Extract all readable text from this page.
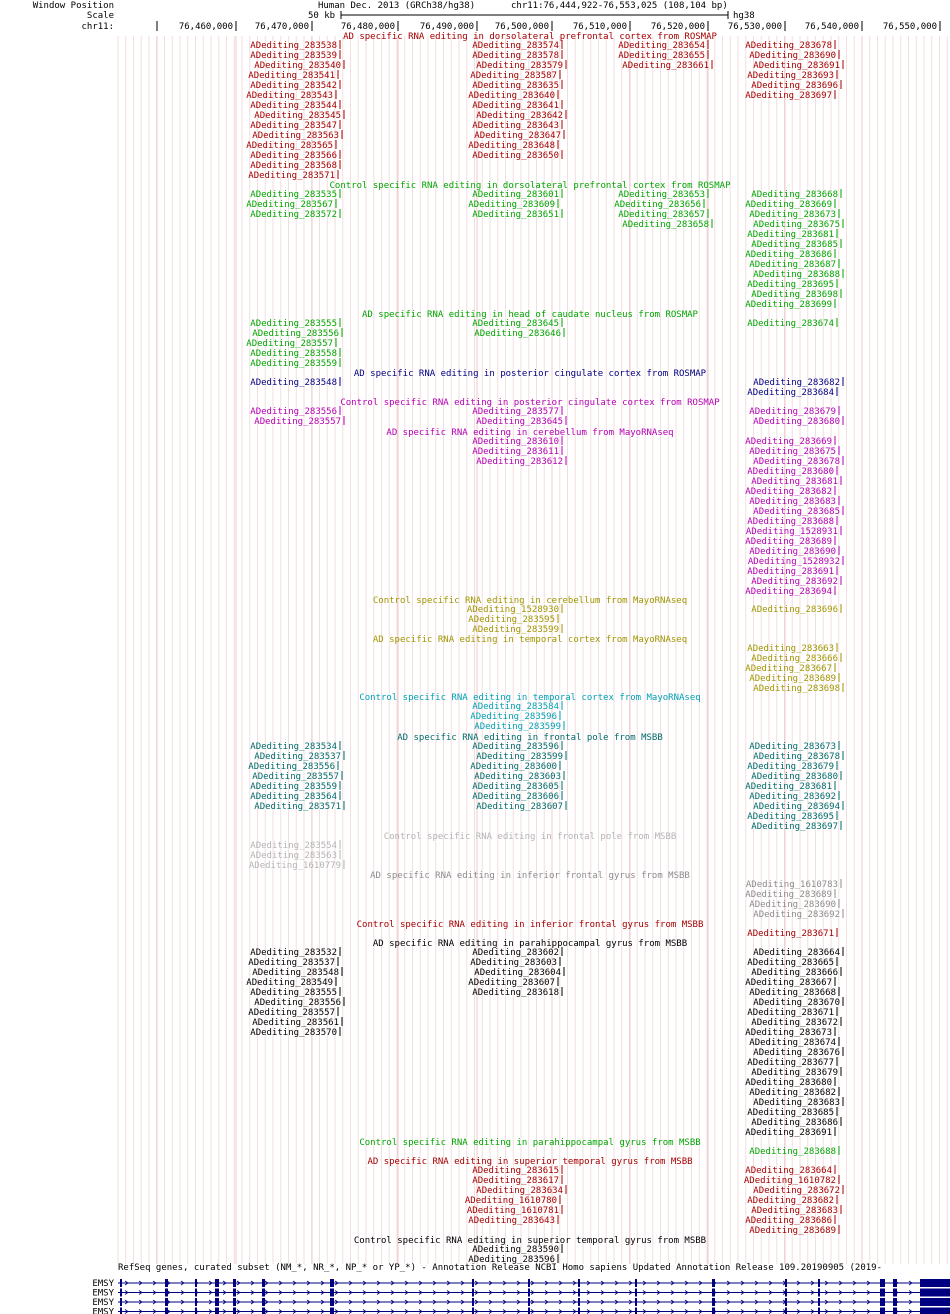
Window Position
Scale
chr11:
Human Dec. 2013 (GRCh38/hg38)	chr11:76,444,922-76,553,025 (108,104 bp)
50 kb	hg38
76,460,000 76,470,000	76,480,000	76,490,000 76,500,000	76,510,000	76,520,000	76,530,000	76,540,000	76,550,000
AD specific RNA editing in dorsolateral prefrontal cortex from ROSMAP
ADediting_283538
ADediting_283539
ADediting_283540
ADediting_283541
ADediting_283542
ADediting_283543
ADediting_283544
ADediting_283545
ADediting_283547
ADediting_283563
ADediting_283565
ADediting_283566
ADediting_283568
ADediting_283571
ADediting_283574
ADediting_283578
ADediting_283579
ADediting_283587
ADediting_283635
ADediting_283640
ADediting_283641
ADediting_283642
ADediting_283643
ADediting_283647
ADediting_283648
ADediting_283650
ADediting_283654
ADediting_283655
ADediting_283661
ADediting_283678
ADediting_283690
ADediting_283691
ADediting_283693
ADediting_283696
ADediting_283697
Control specific RNA editing in dorsolateral prefrontal cortex from ROSMAP
ADediting_283535
ADediting_283567
ADediting_283572
ADediting_283601
ADediting_283609
ADediting_283651
ADediting_283653
ADediting_283656
ADediting_283657
ADediting_283658
ADediting_283668
ADediting_283669
ADediting_283673
ADediting_283675
ADediting_283681
ADediting_283685
ADediting_283686
ADediting_283687
ADediting_283688
ADediting_283695
ADediting_283698
ADediting_283699
AD specific RNA editing in head of caudate nucleus from ROSMAP
ADediting_283555
ADediting_283556
ADediting_283557
ADediting_283558
ADediting_283559
ADediting_283645
ADediting_283646
ADediting_283674
AD specific RNA editing in posterior cingulate cortex from ROSMAP
ADediting_283548	ADediting_283682
ADediting_283684
Control specific RNA editing in posterior cingulate cortex from ROSMAP
ADediting_283556
ADediting_283557
ADediting_283577
ADediting_283645
ADediting_283679
ADediting_283680
AD specific RNA editing in cerebellum from MayoRNAseq
ADediting_283610
ADediting_283611
ADediting_283612
ADediting_283669
ADediting_283675
ADediting_283678
ADediting_283680
ADediting_283681
ADediting_283682
ADediting_283683
ADediting_283685
ADediting_283688
ADediting_1528931
ADediting_283689
ADediting_283690
ADediting_1528932
ADediting_283691
ADediting_283692
ADediting_283694
Control specific RNA editing in cerebellum from MayoRNAseq
ADediting_1528930
ADediting_283595
ADediting_283599
ADediting_283696
AD specific RNA editing in temporal cortex from MayoRNAseq
ADediting_283663
ADediting_283666
ADediting_283667
ADediting_283689
ADediting_283698
Control specific RNA editing in temporal cortex from MayoRNAseq
ADediting_283584
ADediting_283596
ADediting_283599
AD specific RNA editing in frontal pole from MSBB
ADediting_283534
ADediting_283537
ADediting_283556
ADediting_283557
ADediting_283559
ADediting_283564
ADediting_283571
ADediting_283596
ADediting_283599
ADediting_283600
ADediting_283603
ADediting_283605
ADediting_283606
ADediting_283607
ADediting_283673
ADediting_283678
ADediting_283679
ADediting_283680
ADediting_283681
ADediting_283692
ADediting_283694
ADediting_283695
ADediting_283697
Control specific RNA editing in frontal pole from MSBB
ADediting_283554
ADediting_283563
ADediting_1610779
AD specific RNA editing in inferior frontal gyrus from MSBB
ADediting_1610783
ADediting_283689
ADediting_283690
ADediting_283692
Control specific RNA editing in inferior frontal gyrus from MSBB
ADediting_283671
AD specific RNA editing in parahippocampal gyrus from MSBB
ADediting_283532
ADediting_283537
ADediting_283548
ADediting_283549
ADediting_283555
ADediting_283556
ADediting_283557
ADediting_283561
ADediting_283570
ADediting_283602
ADediting_283603
ADediting_283604
ADediting_283607
ADediting_283618
ADediting_283664
ADediting_283665
ADediting_283666
ADediting_283667
ADediting_283668
ADediting_283670
ADediting_283671
ADediting_283672
ADediting_283673
ADediting_283674
ADediting_283676
ADediting_283677
ADediting_283679
ADediting_283680
ADediting_283682
ADediting_283683
ADediting_283685
ADediting_283686
ADediting_283691
Control specific RNA editing in parahippocampal gyrus from MSBB
ADediting_283688
AD specific RNA editing in superior temporal gyrus from MSBB
ADediting_283615
ADediting_283617
ADediting_283634
ADediting_1610780
ADediting_1610781
ADediting_283643
ADediting_283664
ADediting_1610782
ADediting_283672
ADediting_283682
ADediting_283683
ADediting_283686
ADediting_283689
Control specific RNA editing in superior temporal gyrus from MSBB
ADediting_283590
ADediting_283596
RefSeq genes, curated subset (NM_*, NR_*, NP_* or YP_*) - Annotation Release NCBI Homo sapiens Updated Annotation Release 109.20190905 (2019-
EMSY
EMSY
EMSY
EMSY
